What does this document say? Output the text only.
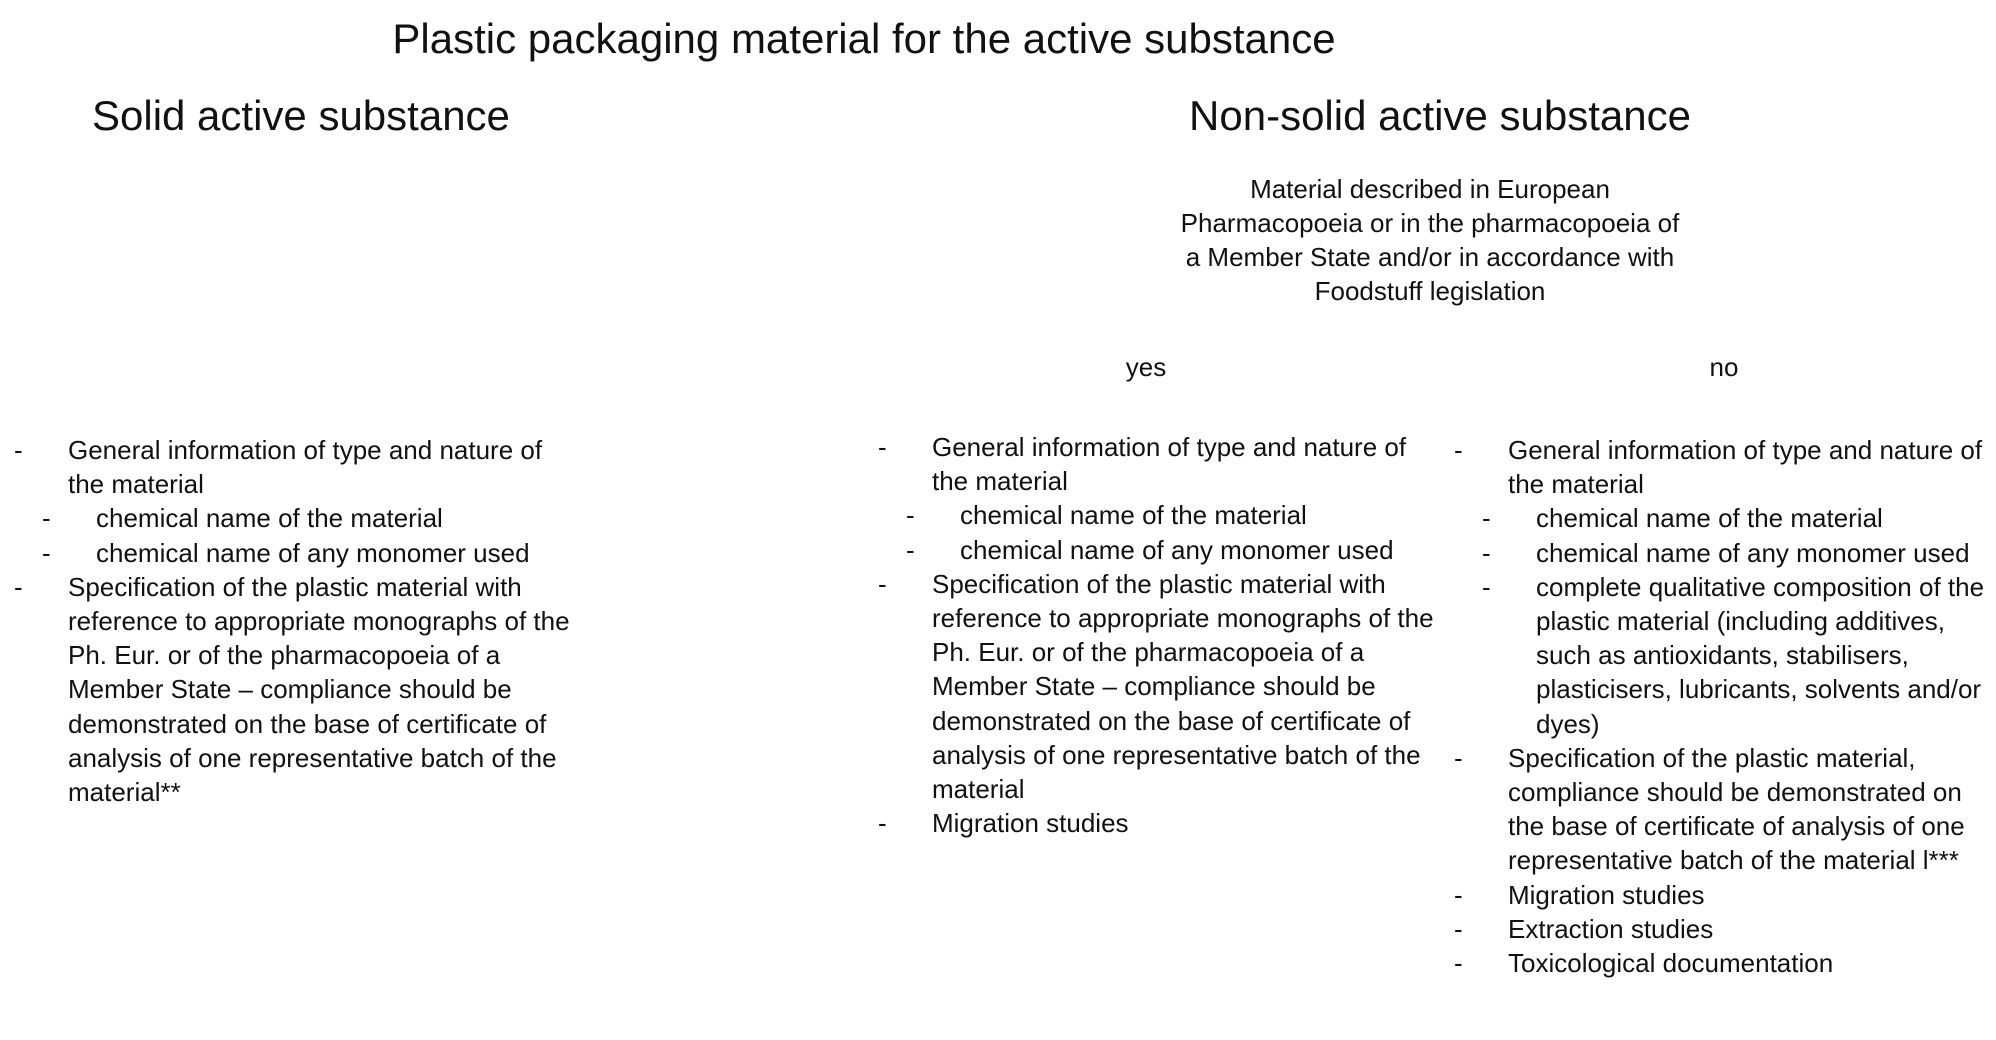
Plastic packaging material for the active substance
Solid active substance	Non-solid active substance
Material described in European Pharmacopoeia or in the pharmacopoeia of a Member State and/or in accordance with Foodstuff legislation
yes	no
- General information of type and nature of the material
- chemical name of the material
- chemical name of any monomer used
- Specification of the plastic material with reference to appropriate monographs of the Ph. Eur. or of the pharmacopoeia of a Member State – compliance should be demonstrated on the base of certificate of analysis of one representative batch of the material**
- General information of type and nature of the material
- chemical name of the material
- chemical name of any monomer used
- Specification of the plastic material with reference to appropriate monographs of the Ph. Eur. or of the pharmacopoeia of a Member State – compliance should be demonstrated on the base of certificate of analysis of one representative batch of the material
- Migration studies
- General information of type and nature of the material
- chemical name of the material
- chemical name of any monomer used
- complete qualitative composition of the plastic material (including additives, such as antioxidants, stabilisers, plasticisers, lubricants, solvents and/or dyes)
- Specification of the plastic material, compliance should be demonstrated on the base of certificate of analysis of one representative batch of the material l***
- Migration studies
- Extraction studies
- Toxicological documentation
